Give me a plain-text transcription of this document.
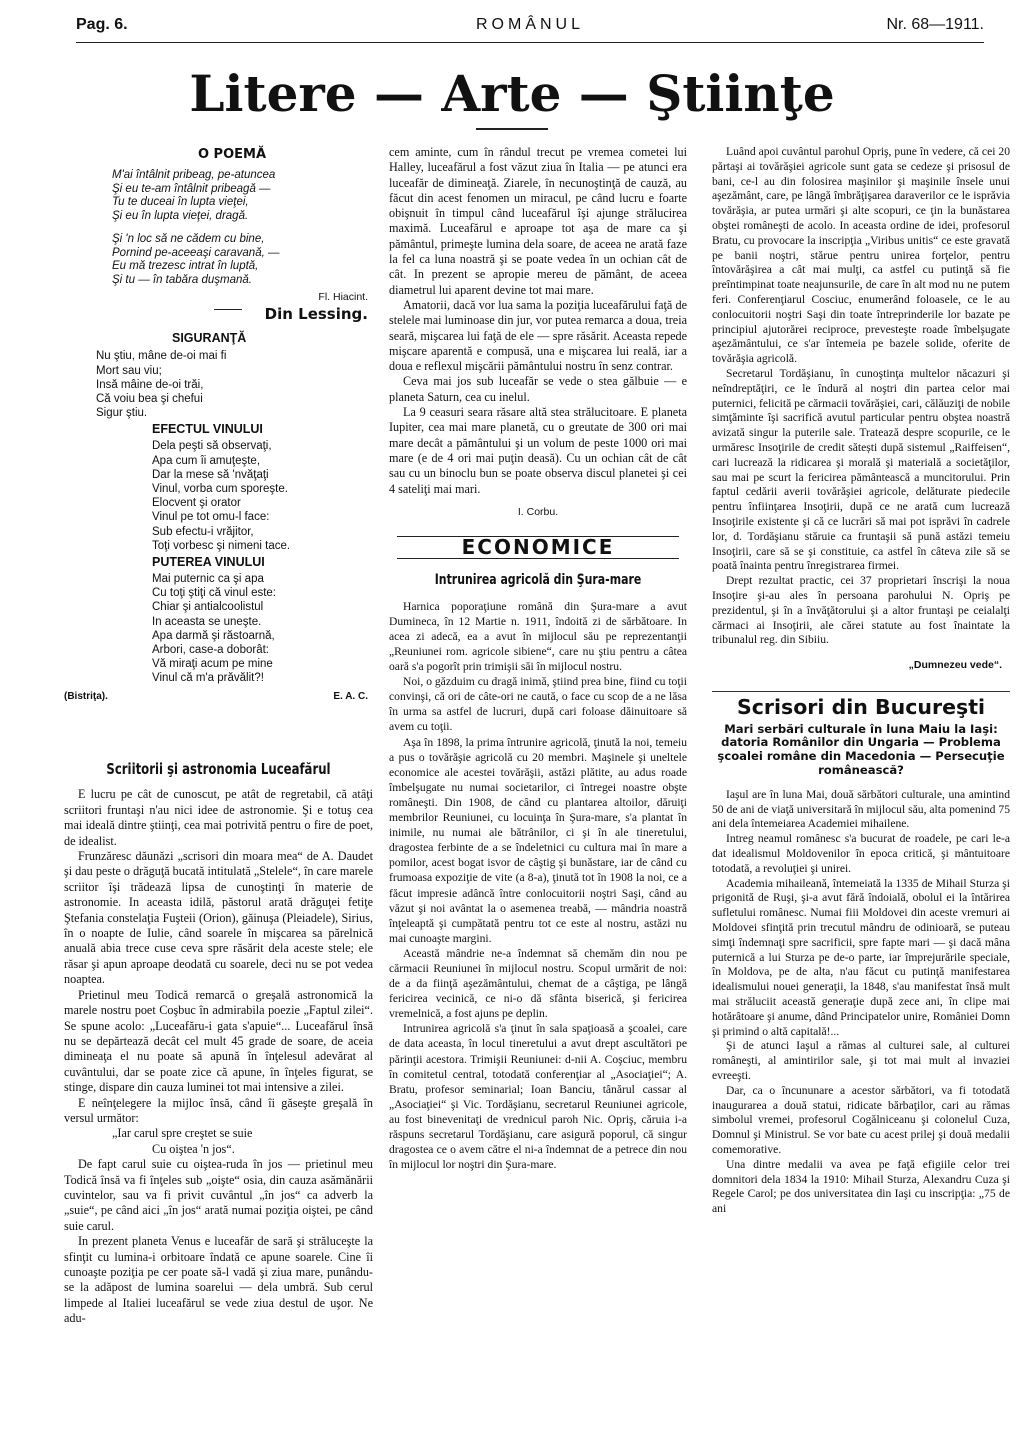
Pag. 6.	ROMÂNUL	Nr. 68—1911.
Litere — Arte — Ştiinţe
O POEMĂ
M'ai întâlnit pribeag, pe-atuncea
Şi eu te-am întâlnit pribeagă —
Tu te duceai în lupta vieţei,
Şi eu în lupta vieţei, dragă.
Şi 'n loc să ne cădem cu bine,
Pornind pe-aceeaşi caravană, —
Eu mă trezesc intrat în luptă,
Şi tu — în tabăra duşmană.
Fl. Hiacint.
Din Lessing.
SIGURANŢĂ
Nu ştiu, mâne de-oi mai fi
Mort sau viu;
Insă mâine de-oi trăi,
Că voiu bea şi chefui
Sigur ştiu.
EFECTUL VINULUI
Dela peşti să observaţi,
Apa cum îi amuţeşte,
Dar la mese să 'nvăţaţi
Vinul, vorba cum sporeşte.
Elocvent şi orator
Vinul pe tot omu-l face:
Sub efectu-i vrăjitor,
Toţi vorbesc şi nimeni tace.
PUTEREA VINULUI
Mai puternic ca şi apa
Cu toţi ştiţi că vinul este:
Chiar şi antialcoolistul
In aceasta se uneşte.
Apa darmă şi răstoarnă,
Arbori, case-a doborât:
Vă miraţi acum pe mine
Vinul că m'a prăvălit?!
(Bistriţa).	E. A. C.
Scriitorii şi astronomia Luceafărul

E lucru pe cât de cunoscut, pe atât de regretabil, că atâţi scriitori fruntaşi n'au nici idee de astronomie. Şi e totuş cea mai ideală dintre ştiinţi, cea mai potrivită pentru o fire de poet, de idealist.

Frunzăresc dăunăzi „scrisori din moara mea“ de A. Daudet şi dau peste o drăguţă bucată intitulată „Stelele“, în care marele scriitor îşi trădează lipsa de cunoştinţi în materie de astronomie. In aceasta idilă, păstorul arată drăguţei fetiţe Ştefania constelaţia Fuşteii (Orion), găinuşa (Pleiadele), Sirius, în o noapte de Iulie, când soarele în mişcarea sa părelnică anuală abia trece cuse ceva spre răsărit dela aceste stele; ele răsar şi apun aproape deodată cu soarele, deci nu se pot vedea noaptea.

Prietinul meu Todică remarcă o greşală astronomică la marele nostru poet Coşbuc în admirabila poezie „Faptul zilei“. Se spune acolo: „Luceafăru-i gata s'apuie“... Luceafărul însă nu se depărtează decât cel mult 45 grade de soare, de aceia dimineaţa el nu poate să apună în înţelesul adevărat al cuvântului, dar se poate zice că apune, în înţeles figurat, se stinge, dispare din cauza luminei tot mai intensive a zilei.

E neînţelegere la mijloc însă, când îi găseşte greşală în versul următor:

„Iar carul spre creştet se suie

Cu oiştea 'n jos“.

De fapt carul suie cu oiştea-ruda în jos — prietinul meu Todică însă va fi înţeles sub „oişte“ osia, din cauza asămănării cuvintelor, sau va fi privit cuvântul „în jos“ ca adverb la „suie“, pe când aici „în jos“ arată numai poziţia oiştei, pe când suie carul.

In prezent planeta Venus e luceafăr de sară şi străluceşte la sfinţit cu lumina-i orbitoare îndată ce apune soarele. Cine îi cunoaşte poziţia pe cer poate să-l vadă şi ziua mare, punându-se la adăpost de lumina soarelui — dela umbră. Sub cerul limpede al Italiei luceafărul se vede ziua destul de uşor. Ne adu-

cem aminte, cum în rândul trecut pe vremea cometei lui Halley, luceafărul a fost văzut ziua în Italia — pe atunci era luceafăr de dimineaţă. Ziarele, în necunoştinţă de cauză, au făcut din acest fenomen un miracul, pe când lucru e foarte obişnuit în timpul când luceafărul îşi ajunge strălucirea maximă. Luceafărul e aproape tot aşa de mare ca şi pământul, primeşte lumina dela soare, de aceea ne arată faze la fel ca luna noastră şi se poate vedea în un ochian cât de cât. In prezent se apropie mereu de pământ, de aceea diametrul lui aparent devine tot mai mare.

Amatorii, dacă vor lua sama la poziţia luceafărului faţă de stelele mai luminoase din jur, vor putea remarca a doua, treia seară, mişcarea lui faţă de ele — spre răsărit. Aceasta repede mişcare aparentă e compusă, una e mişcarea lui reală, iar a doua e reflexul mişcării pământului nostru în senz contrar.

Ceva mai jos sub luceafăr se vede o stea gălbuie — e planeta Saturn, cea cu inelul.

La 9 ceasuri seara răsare altă stea strălucitoare. E planeta Iupiter, cea mai mare planetă, cu o greutate de 300 ori mai mare decât a pământului şi un volum de peste 1000 ori mai mare (e de 4 ori mai puţin deasă). Cu un ochian cât de cât sau cu un binoclu bun se poate observa discul planetei şi cei 4 sateliţi mai mari.

I. Corbu.
ECONOMICE
Intrunirea agricolă din Şura-mare

Harnica poporaţiune română din Şura-mare a avut Dumineca, în 12 Martie n. 1911, îndoită zi de sărbătoare. In acea zi adecă, ea a avut în mijlocul său pe reprezentanţii „Reuniunei rom. agricole sibiene“, care nu ştiu pentru a câtea oară s'a pogorît prin trimişii săi în mijlocul nostru.

Noi, o găzduim cu dragă inimă, ştiind prea bine, fiind cu toţii convinşi, că ori de câte-ori ne caută, o face cu scop de a ne lăsa în urma sa astfel de lucruri, după cari foloase dăinuitoare să avem cu toţii.

Aşa în 1898, la prima întrunire agricolă, ţinută la noi, temeiu a pus o tovărăşie agricolă cu 20 membri. Maşinele şi uneltele economice ale acestei tovărăşii, astăzi plătite, au adus roade îmbelşugate nu numai societarilor, ci întregei noastre obşte româneşti. Din 1908, de când cu plantarea altoilor, dăruiţi membrilor Reuniunei, cu locuinţa în Şura-mare, s'a plantat în inimile, nu numai ale bătrânilor, ci şi în ale tineretului, dragostea ferbinte de a se îndeletnici cu cultura mai în mare a pomilor, acest bogat isvor de câştig şi bunăstare, iar de când cu frumoasa expoziţie de vite (a 8-a), ţinută tot în 1908 la noi, ce a făcut impresie adâncă între conlocuitorii noştri Saşi, când au văzut şi noi avântat la o asemenea treabă, — mândria noastră înţeleaptă şi cumpătată pentru tot ce este al nostru, astăzi nu mai cunoaşte margini.

Această mândrie ne-a îndemnat să chemăm din nou pe cărmacii Reuniunei în mijlocul nostru. Scopul urmărit de noi: de a da fiinţă aşezământului, chemat de a câştiga, pe lângă fericirea vecinică, ce ni-o dă sfânta biserică, şi fericirea vremelnică, a fost ajuns pe deplin.

Intrunirea agricolă s'a ţinut în sala spaţioasă a şcoalei, care de data aceasta, în locul tineretului a avut drept ascultători pe părinţii acestora. Trimişii Reuniunei: d-nii A. Coşciuc, membru în comitetul central, totodată conferenţiar al „Asociaţiei“; A. Bratu, profesor seminarial; Ioan Banciu, tânărul cassar al „Asociaţiei“ şi Vic. Tordăşianu, secretarul Reuniunei agricole, au fost binevenitaţi de vrednicul paroh Nic. Opriş, căruia i-a răspuns secretarul Tordăşianu, care asigură poporul, că singur dragostea ce o avem către el ni-a îndemnat de a petrece din nou în mijlocul lor noştri din Şura-mare.

Luând apoi cuvântul parohul Opriş, pune în vedere, că cei 20 părtaşi ai tovărăşiei agricole sunt gata se cedeze şi prisosul de bani, ce-l au din folosirea maşinilor şi maşinile însele unui aşezământ, care, pe lângă îmbrăţişarea daraverilor ce le isprăvia tovărăşia, ar putea urmări şi alte scopuri, ce ţin la bunăstarea obştei româneşti de acolo. In aceasta ordine de idei, profesorul Bratu, cu provocare la inscripţia „Viribus unitis“ ce este gravată pe banii noştri, stărue pentru unirea forţelor, pentru întovărăşirea a cât mai mulţi, ca astfel cu putinţă să fie preîntimpinat toate neajunsurile, de care în alt mod nu ne putem feri. Conferenţiarul Cosciuc, enumerând foloasele, ce le au conlocuitorii noştri Saşi din toate întreprinderile lor bazate pe principiul ajutorărei reciproce, prevesteşte roade îmbelşugate aşezământului, ce s'ar întemeia pe bazele solide, oferite de tovărăşia agricolă.

Secretarul Tordăşianu, în cunoştinţa multelor năcazuri şi neîndreptăţiri, ce le îndură al noştri din partea celor mai puternici, felicită pe cărmacii tovărăşiei, cari, călăuziţi de nobile simţăminte îşi sacrifică avutul particular pentru obştea noastră avizată singur la puterile sale. Tratează despre scopurile, ce le urmăresc Insoţirile de credit sătești după sistemul „Raiffeisen“, cari lucrează la ridicarea şi morală şi materială a societăţilor, sau mai pe scurt la fericirea pământească a muncitorului. Prin faptul cedării averii tovărăşiei agricole, delăturate piedecile pentru înfiinţarea Insoţirii, după ce ne arată cum lucrează Insoţirile existente şi că ce lucrări să mai pot isprăvi în cadrele lor, d. Tordăşianu stăruie ca fruntaşii să pună astăzi temeiu Insoţirii, care să se şi constituie, ca astfel în câteva zile să se poată înainta pentru înregistrarea firmei.

Drept rezultat practic, cei 37 proprietari înscrişi la noua Insoţire şi-au ales în persoana parohului N. Opriş pe prezidentul, şi în a învăţătorului şi a altor fruntaşi pe ceialalţi cărmaci ai Insoţirii, ale cărei statute au fost înaintate la tribunalul reg. din Sibiiu.

„Dumnezeu vede“.
Scrisori din Bucureşti
Mari serbări culturale în luna Maiu la Iaşi: datoria Românilor din Ungaria — Problema şcoalei române din Macedonia — Persecuţie românească?

Iaşul are în luna Mai, două sărbători culturale, una amintind 50 de ani de viaţă universitară în mijlocul său, alta pomenind 75 ani dela întemeiarea Academiei mihailene.

Intreg neamul românesc s'a bucurat de roadele, pe cari le-a dat idealismul Moldovenilor în epoca critică, şi mântuitoare totodată, a revoluţiei şi unirei.

Academia mihaileană, întemeiată la 1335 de Mihail Sturza şi prigonită de Ruşi, şi-a avut fără îndoială, obolul ei la întărirea sufletului românesc. Numai fiii Moldovei din aceste vremuri ai Moldovei sfinţită prin trecutul mândru de odinioară, se puteau simţi îndemnaţi spre sacrificii, spre fapte mari — şi dacă mâna puternică a lui Sturza pe de-o parte, iar împrejurările speciale, în Moldova, pe de alta, n'au făcut cu putinţă manifestarea idealismului nouei generaţii, la 1848, s'au manifestat însă mult mai străluciit această generaţie după zece ani, în clipe mai hotărâtoare şi anume, dând Principatelor unire, României Domn şi primind o altă capitală!...

Şi de atunci Iaşul a rămas al culturei sale, al culturei româneşti, al amintirilor sale, şi tot mai mult al invaziei evreeşti.

Dar, ca o încununare a acestor sărbători, va fi totodată inaugurarea a două statui, ridicate bărbaţilor, cari au rămas simbolul vremei, profesorul Cogălniceanu şi colonelul Cuza, Domnul şi Ministrul. Se vor bate cu acest prilej şi două medalii comemorative.

Una dintre medalii va avea pe faţă efigiile celor trei domnitori dela 1834 la 1910: Mihail Sturza, Alexandru Cuza şi Regele Carol; pe dos universitatea din Iaşi cu inscripţia: „75 de ani
